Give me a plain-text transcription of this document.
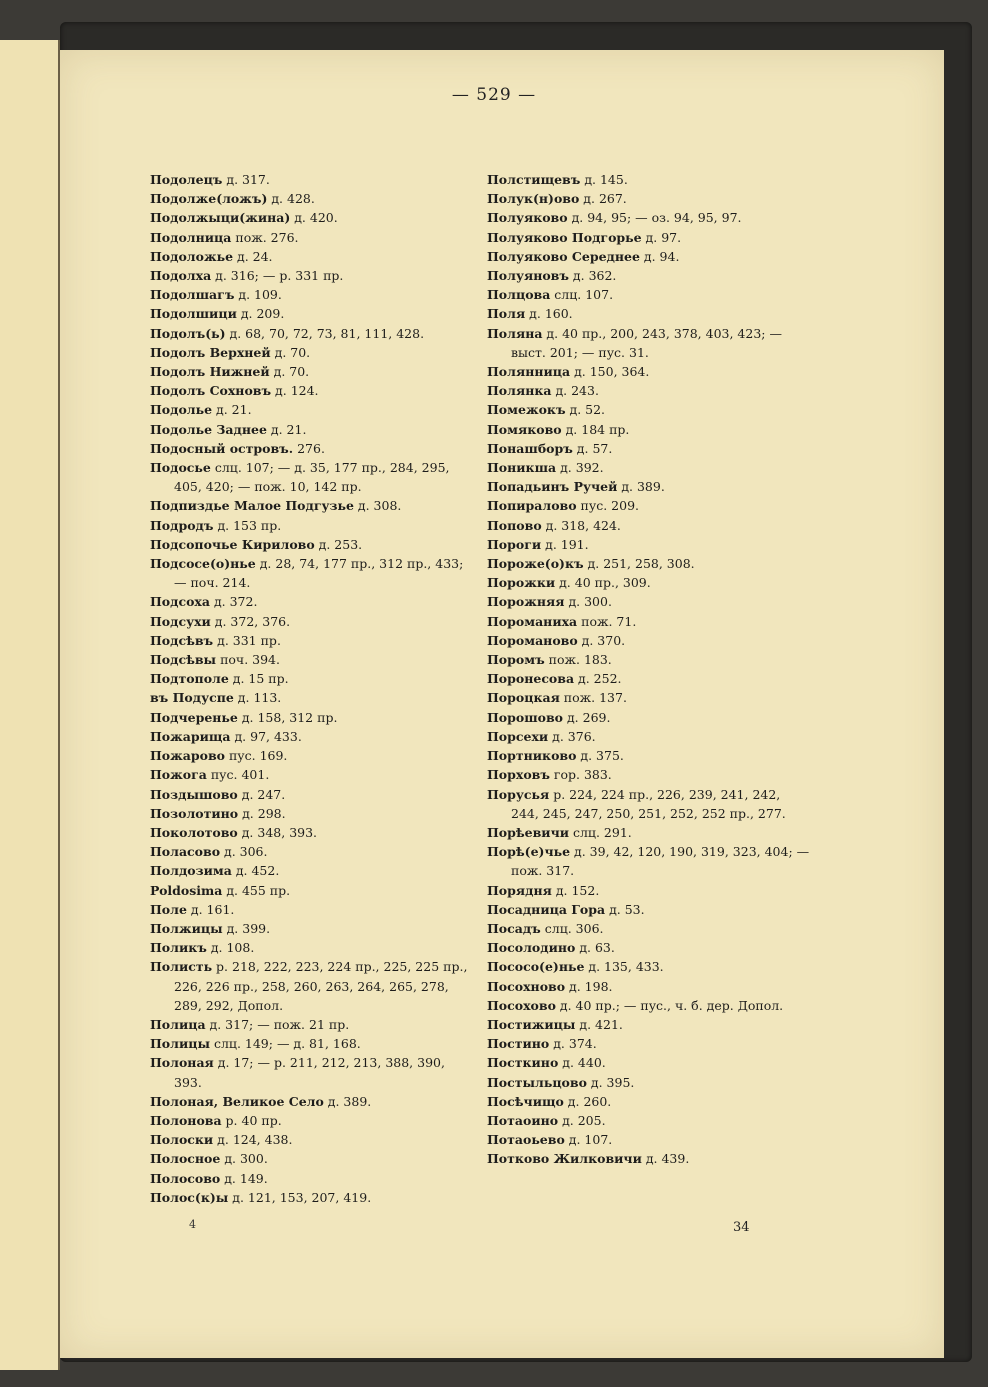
— 529 —
Подолецъ д. 317.
Подолже(ложъ) д. 428.
Подолжыци(жина) д. 420.
Подолница пож. 276.
Подоложье д. 24.
Подолха д. 316; — р. 331 пр.
Подолшагъ д. 109.
Подолшици д. 209.
Подолъ(ь) д. 68, 70, 72, 73, 81, 111, 428.
Подолъ Верхней д. 70.
Подолъ Нижней д. 70.
Подолъ Сохновъ д. 124.
Подолье д. 21.
Подолье Заднее д. 21.
Подосный островъ. 276.
Подосье слц. 107; — д. 35, 177 пр., 284, 295, 405, 420; — пож. 10, 142 пр.
Подпиздье Малое Подгузье д. 308.
Подродъ д. 153 пр.
Подсопочье Кирилово д. 253.
Подсосе(о)нье д. 28, 74, 177 пр., 312 пр., 433; — поч. 214.
Подсоха д. 372.
Подсухи д. 372, 376.
Подсѣвъ д. 331 пр.
Подсѣвы поч. 394.
Подтополе д. 15 пр.
въ Подуспе д. 113.
Подчеренье д. 158, 312 пр.
Пожарища д. 97, 433.
Пожарово пус. 169.
Пожога пус. 401.
Поздышово д. 247.
Позолотино д. 298.
Поколотово д. 348, 393.
Поласово д. 306.
Полдозима д. 452.
Poldosima д. 455 пр.
Поле д. 161.
Полжицы д. 399.
Поликъ д. 108.
Полисть р. 218, 222, 223, 224 пр., 225, 225 пр., 226, 226 пр., 258, 260, 263, 264, 265, 278, 289, 292, Допол.
Полица д. 317; — пож. 21 пр.
Полицы слц. 149; — д. 81, 168.
Полоная д. 17; — р. 211, 212, 213, 388, 390, 393.
Полоная, Великое Село д. 389.
Полонова р. 40 пр.
Полоски д. 124, 438.
Полосное д. 300.
Полосово д. 149.
Полос(к)ы д. 121, 153, 207, 419.
Полстищевъ д. 145.
Полук(н)ово д. 267.
Полуяково д. 94, 95; — оз. 94, 95, 97.
Полуяково Подгорье д. 97.
Полуяково Середнее д. 94.
Полуяновъ д. 362.
Полцова слц. 107.
Поля д. 160.
Поляна д. 40 пр., 200, 243, 378, 403, 423; — выст. 201; — пус. 31.
Полянница д. 150, 364.
Полянка д. 243.
Помежокъ д. 52.
Помяково д. 184 пр.
Понашборъ д. 57.
Поникша д. 392.
Попадьинъ Ручей д. 389.
Попиралово пус. 209.
Попово д. 318, 424.
Пороги д. 191.
Пороже(о)къ д. 251, 258, 308.
Порожки д. 40 пр., 309.
Порожняя д. 300.
Пороманиха пож. 71.
Пороманово д. 370.
Поромъ пож. 183.
Поронесова д. 252.
Пороцкая пож. 137.
Порошово д. 269.
Порсехи д. 376.
Портниково д. 375.
Порховъ гор. 383.
Порусья р. 224, 224 пр., 226, 239, 241, 242, 244, 245, 247, 250, 251, 252, 252 пр., 277.
Порѣевичи слц. 291.
Порѣ(е)чье д. 39, 42, 120, 190, 319, 323, 404; — пож. 317.
Порядня д. 152.
Посадница Гора д. 53.
Посадъ слц. 306.
Посолодино д. 63.
Пососо(е)нье д. 135, 433.
Посохново д. 198.
Посохово д. 40 пр.; — пус., ч. б. дер. Допол.
Постижицы д. 421.
Постино д. 374.
Посткино д. 440.
Постыльцово д. 395.
Посѣчищо д. 260.
Потаоино д. 205.
Потаоьево д. 107.
Потково Жилковичи д. 439.
4	34
